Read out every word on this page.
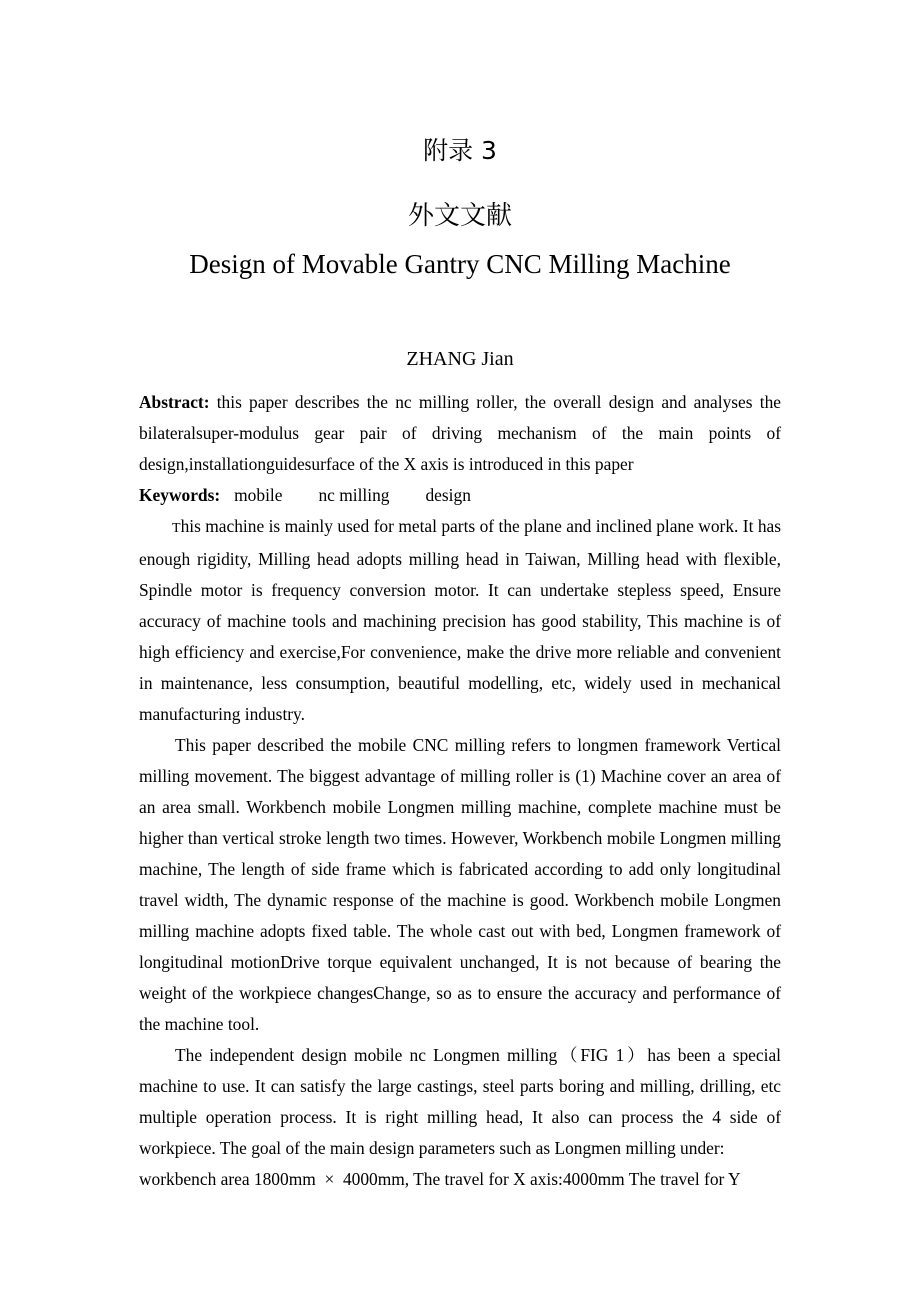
附录 3
外文文献
Design of Movable Gantry CNC Milling Machine
ZHANG Jian

Abstract: this paper describes the nc milling roller, the overall design and analyses the bilateralsuper-modulus gear pair of driving mechanism of the main points of design,installationguidesurface of the X axis is introduced in this paper

Keywords: mobile nc milling design

This machine is mainly used for metal parts of the plane and inclined plane work. It has enough rigidity, Milling head adopts milling head in Taiwan, Milling head with flexible, Spindle motor is frequency conversion motor. It can undertake stepless speed, Ensure accuracy of machine tools and machining precision has good stability, This machine is of high efficiency and exercise,For convenience, make the drive more reliable and convenient in maintenance, less consumption, beautiful modelling, etc, widely used in mechanical manufacturing industry.

This paper described the mobile CNC milling refers to longmen framework Vertical milling movement. The biggest advantage of milling roller is (1) Machine cover an area of an area small. Workbench mobile Longmen milling machine, complete machine must be higher than vertical stroke length two times. However, Workbench mobile Longmen milling machine, The length of side frame which is fabricated according to add only longitudinal travel width, The dynamic response of the machine is good. Workbench mobile Longmen milling machine adopts fixed table. The whole cast out with bed, Longmen framework of longitudinal motionDrive torque equivalent unchanged, It is not because of bearing the weight of the workpiece changesChange, so as to ensure the accuracy and performance of the machine tool.

The independent design mobile nc Longmen milling（FIG 1）has been a special machine to use. It can satisfy the large castings, steel parts boring and milling, drilling, etc multiple operation process. It is right milling head, It also can process the 4 side of workpiece. The goal of the main design parameters such as Longmen milling under:

workbench area 1800mm  ×  4000mm, The travel for X axis:4000mm The travel for Y
